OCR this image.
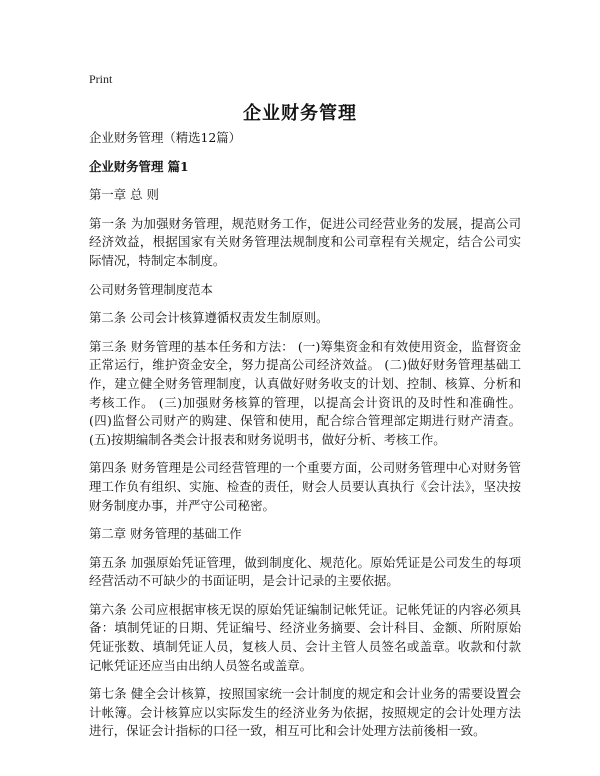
Print
企业财务管理

企业财务管理（精选12篇）

企业财务管理 篇1

第一章 总 则

第一条 为加强财务管理，规范财务工作，促进公司经营业务的发展，提高公司经济效益，根据国家有关财务管理法规制度和公司章程有关规定，结合公司实际情况，特制定本制度。

公司财务管理制度范本

第二条 公司会计核算遵循权责发生制原则。

第三条 财务管理的基本任务和方法： (一)筹集资金和有效使用资金，监督资金正常运行，维护资金安全，努力提高公司经济效益。 (二)做好财务管理基础工作，建立健全财务管理制度，认真做好财务收支的计划、控制、核算、分析和考核工作。 (三)加强财务核算的管理，以提高会计资讯的及时性和准确性。 (四)监督公司财产的购建、保管和使用，配合综合管理部定期进行财产清查。 (五)按期编制各类会计报表和财务说明书，做好分析、考核工作。

第四条 财务管理是公司经营管理的一个重要方面，公司财务管理中心对财务管理工作负有组织、实施、检查的责任，财会人员要认真执行《会计法》，坚决按财务制度办事，并严守公司秘密。

第二章 财务管理的基础工作

第五条 加强原始凭证管理，做到制度化、规范化。原始凭证是公司发生的每项经营活动不可缺少的书面证明，是会计记录的主要依据。

第六条 公司应根据审核无误的原始凭证编制记帐凭证。记帐凭证的内容必须具备：填制凭证的日期、凭证编号、经济业务摘要、会计科目、金额、所附原始凭证张数、填制凭证人员，复核人员、会计主管人员签名或盖章。收款和付款记帐凭证还应当由出纳人员签名或盖章。

第七条 健全会计核算，按照国家统一会计制度的规定和会计业务的需要设置会计帐簿。会计核算应以实际发生的经济业务为依据，按照规定的会计处理方法进行，保证会计指标的口径一致，相互可比和会计处理方法前後相一致。
